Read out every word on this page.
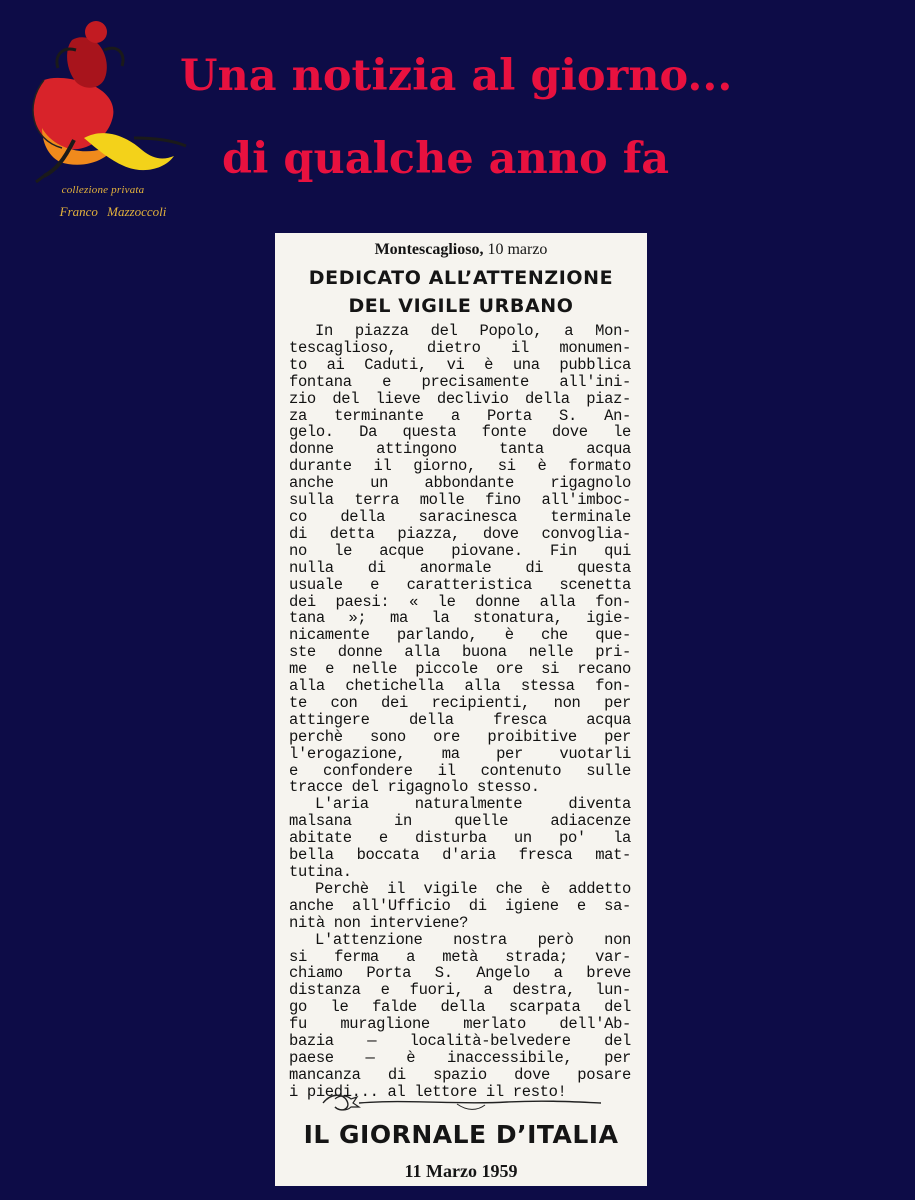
collezione privata
Franco Mazzoccoli
Una notizia al giorno...
di qualche anno fa
Montescaglioso, 10 marzo
DEDICATO ALL’ATTENZIONE
DEL VIGILE URBANO
In piazza del Popolo, a Mon-
tescaglioso, dietro il monumen-
to ai Caduti, vi è una pubblica
fontana e precisamente all'ini-
zio del lieve declivio della piaz-
za terminante a Porta S. An-
gelo. Da questa fonte dove le
donne attingono tanta acqua
durante il giorno, si è formato
anche un abbondante rigagnolo
sulla terra molle fino all'imboc-
co della saracinesca terminale
di detta piazza, dove convoglia-
no le acque piovane. Fin qui
nulla di anormale di questa
usuale e caratteristica scenetta
dei paesi: « le donne alla fon-
tana »; ma la stonatura, igie-
nicamente parlando, è che que-
ste donne alla buona nelle pri-
me e nelle piccole ore si recano
alla chetichella alla stessa fon-
te con dei recipienti, non per
attingere della fresca acqua
perchè sono ore proibitive per
l'erogazione, ma per vuotarli
e confondere il contenuto sulle
tracce del rigagnolo stesso.
L'aria naturalmente diventa
malsana in quelle adiacenze
abitate e disturba un po' la
bella boccata d'aria fresca mat-
tutina.
Perchè il vigile che è addetto
anche all'Ufficio di igiene e sa-
nità non interviene?
L'attenzione nostra però non
si ferma a metà strada; var-
chiamo Porta S. Angelo a breve
distanza e fuori, a destra, lun-
go le falde della scarpata del
fu muraglione merlato dell'Ab-
bazia — località-belvedere del
paese — è inaccessibile, per
mancanza di spazio dove posare
i piedi... al lettore il resto!
IL GIORNALE D’ITALIA
11 Marzo 1959
